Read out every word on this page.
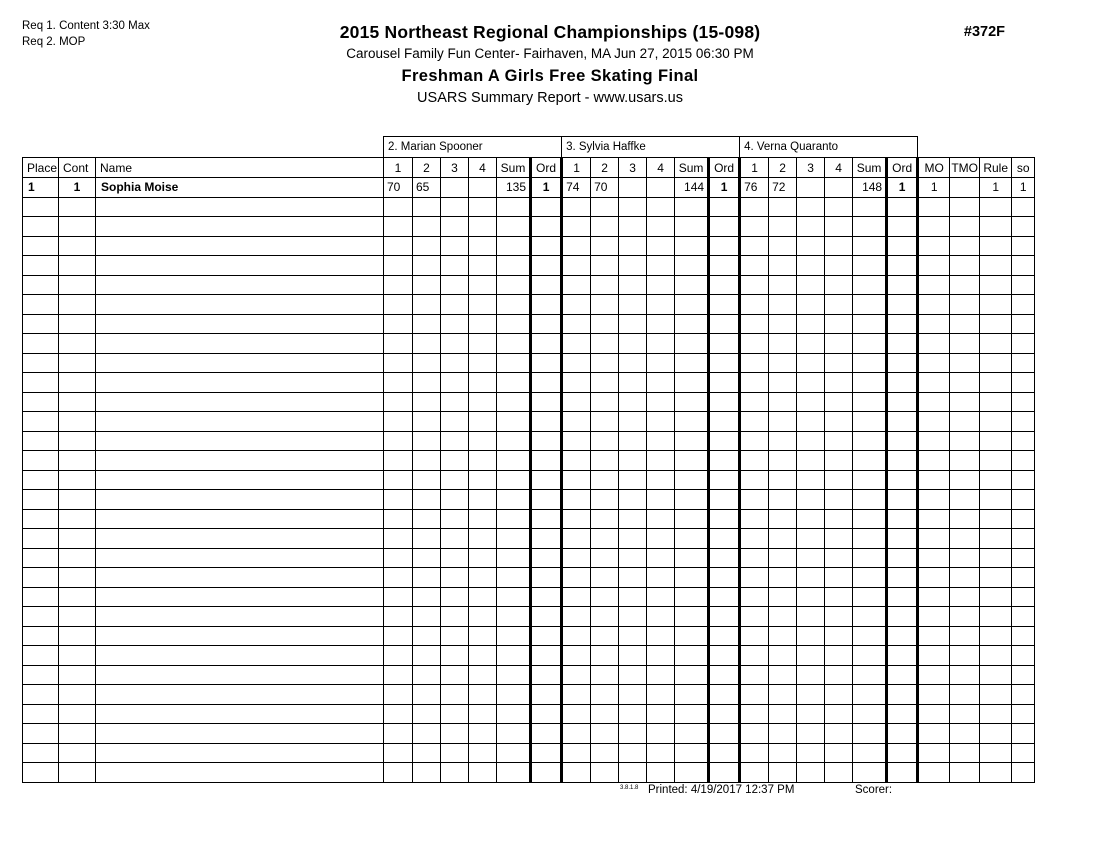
Req 1. Content 3:30 Max
Req 2. MOP	2015 Northeast Regional Championships (15-098)
Carousel Family Fun Center- Fairhaven, MA Jun 27, 2015 06:30 PM
Freshman A Girls Free Skating Final
USARS Summary Report - www.usars.us
#372F
			2. Marian Spooner						3. Sylvia Haffke						4. Verna Quaranto									
Place	Cont	Name	1	2	3	4	Sum	Ord	1	2	3	4	Sum	Ord	1	2	3	4	Sum	Ord	MO	TMO	Rule	so
1	1	Sophia Moise	70	65			135	1	74	70			144	1	76	72			148	1	1		1	1

3.8.1.8 Printed: 4/19/2017 12:37 PM	Scorer:
